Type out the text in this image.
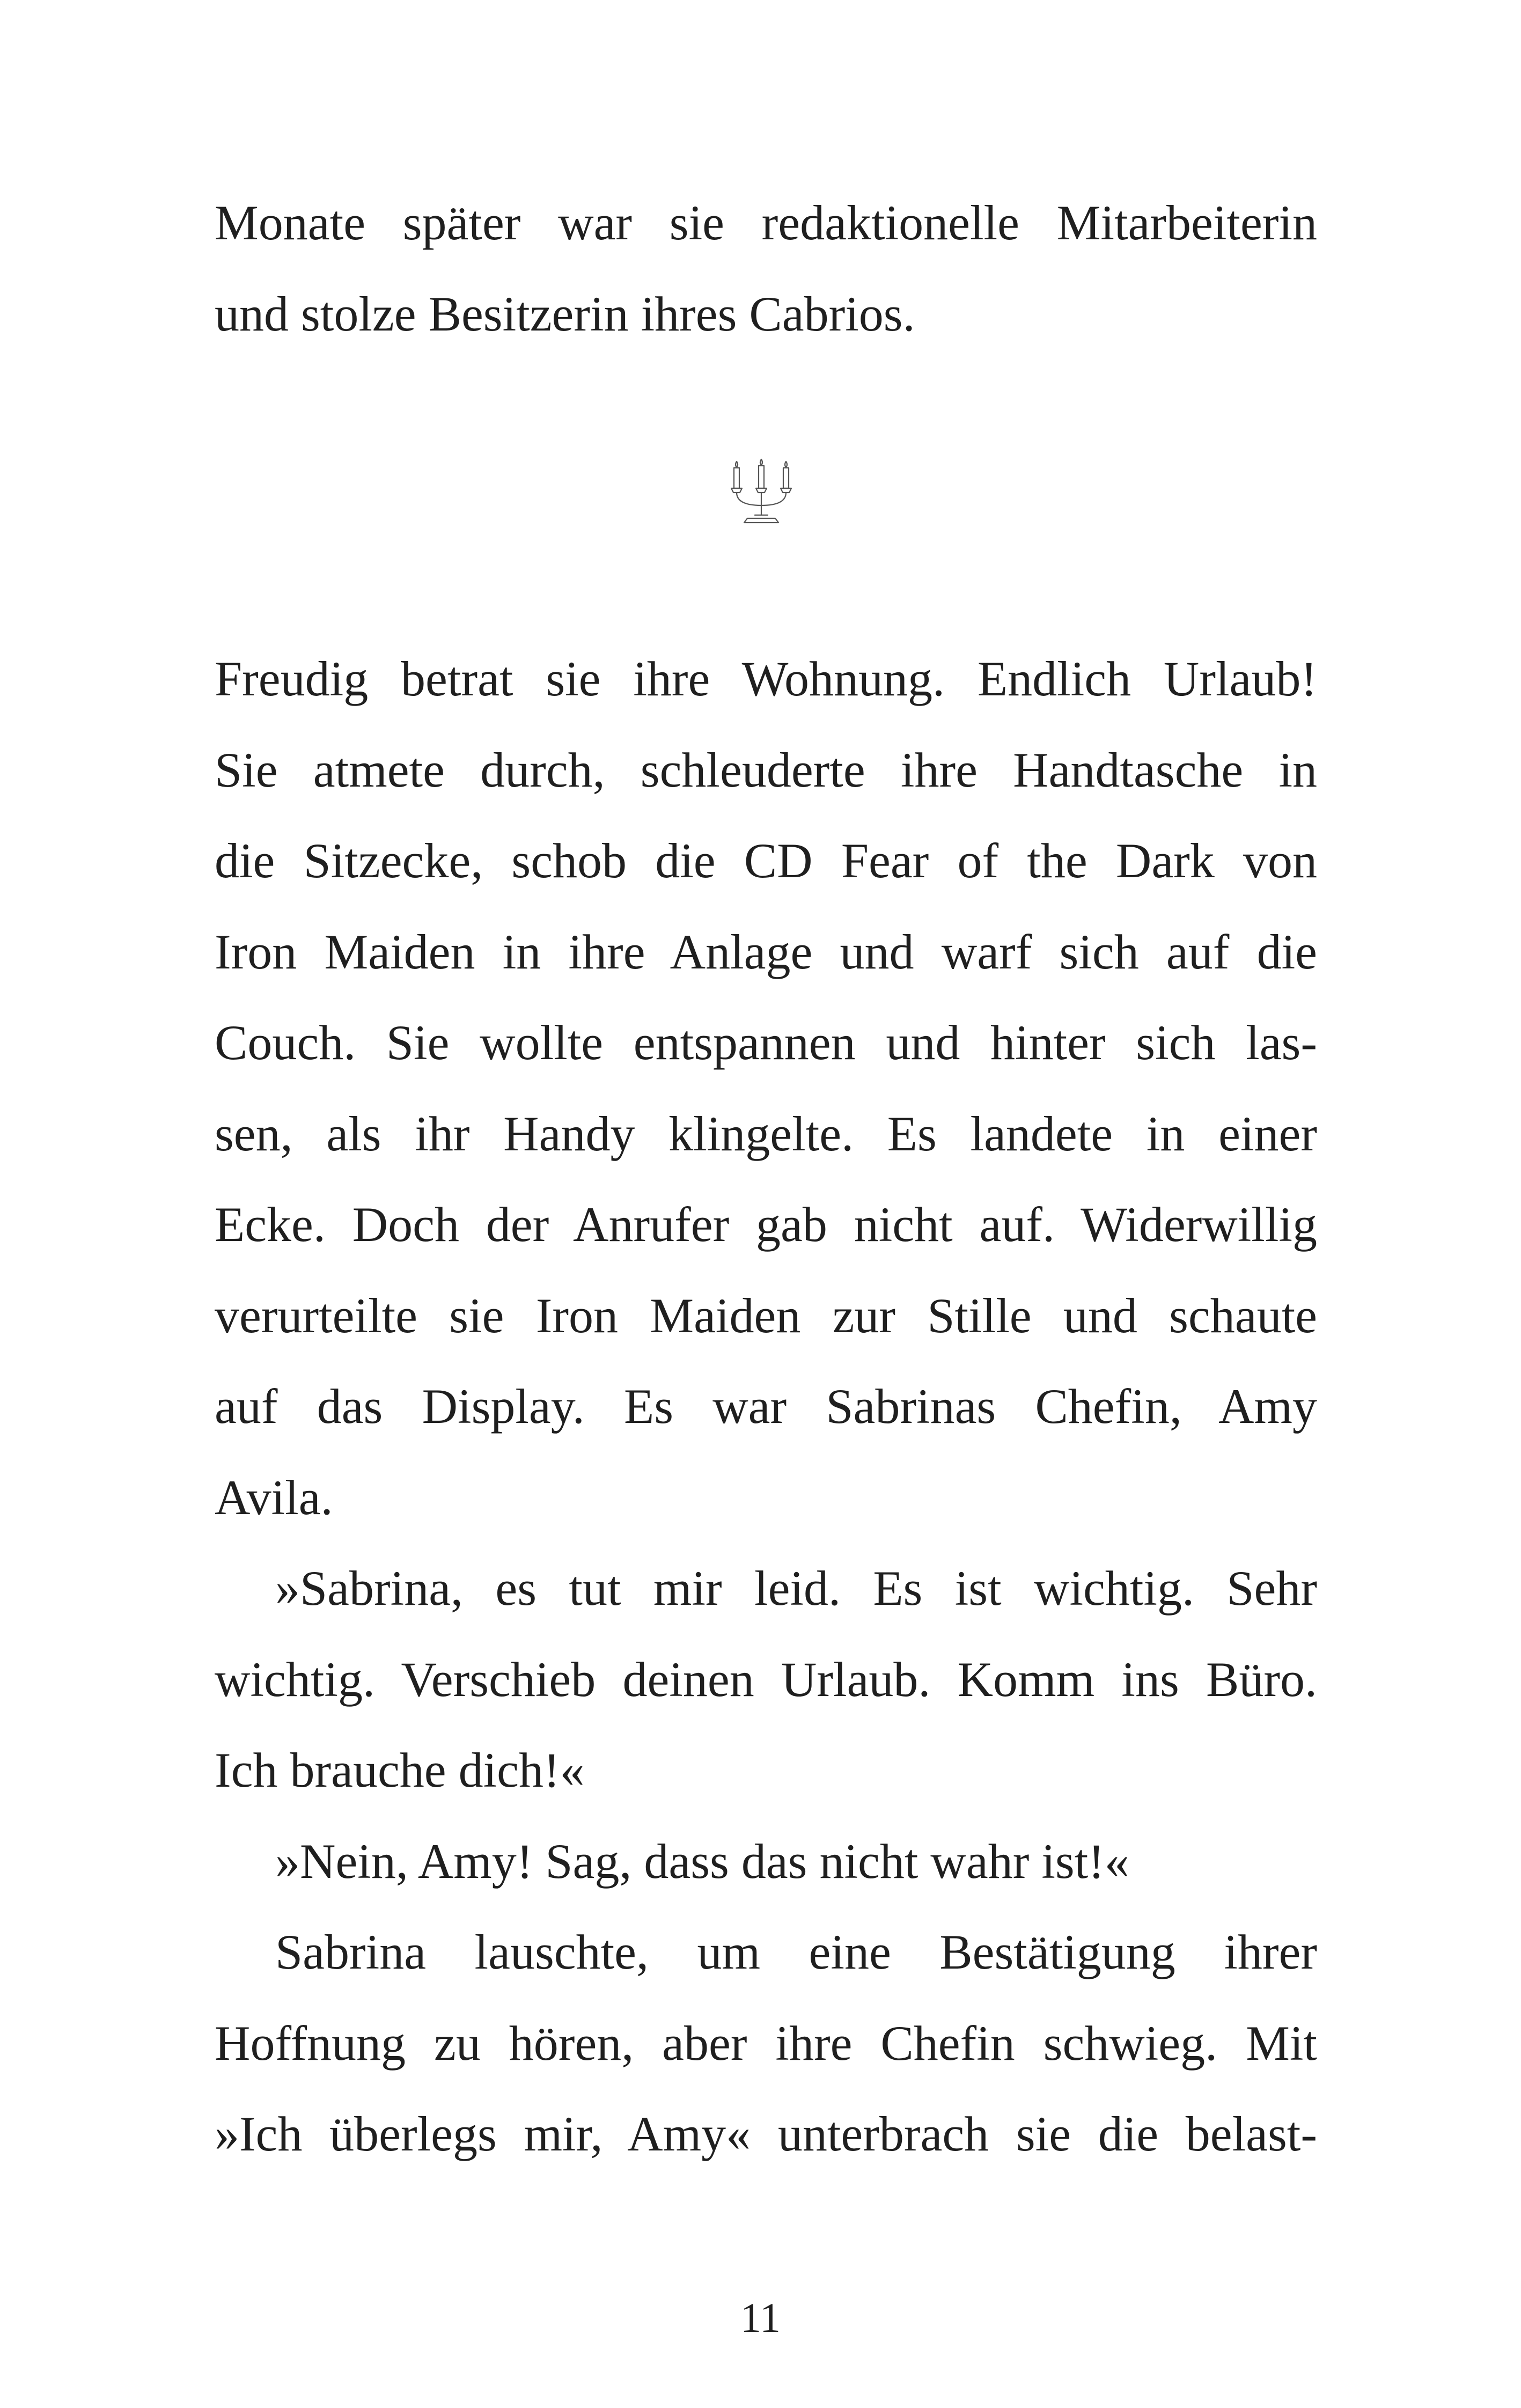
Monate später war sie redaktionelle Mitarbeiterin
und stolze Besitzerin ihres Cabrios.
Freudig betrat sie ihre Wohnung. Endlich Urlaub!
Sie atmete durch, schleuderte ihre Handtasche in
die Sitzecke, schob die CD Fear of the Dark von
Iron Maiden in ihre Anlage und warf sich auf die
Couch. Sie wollte entspannen und hinter sich las-
sen, als ihr Handy klingelte. Es landete in einer
Ecke. Doch der Anrufer gab nicht auf. Widerwillig
verurteilte sie Iron Maiden zur Stille und schaute
auf das Display. Es war Sabrinas Chefin, Amy
Avila.
»Sabrina, es tut mir leid. Es ist wichtig. Sehr
wichtig. Verschieb deinen Urlaub. Komm ins Büro.
Ich brauche dich!«
»Nein, Amy! Sag, dass das nicht wahr ist!«
Sabrina lauschte, um eine Bestätigung ihrer
Hoffnung zu hören, aber ihre Chefin schwieg. Mit
»Ich überlegs mir, Amy« unterbrach sie die belast-
11
